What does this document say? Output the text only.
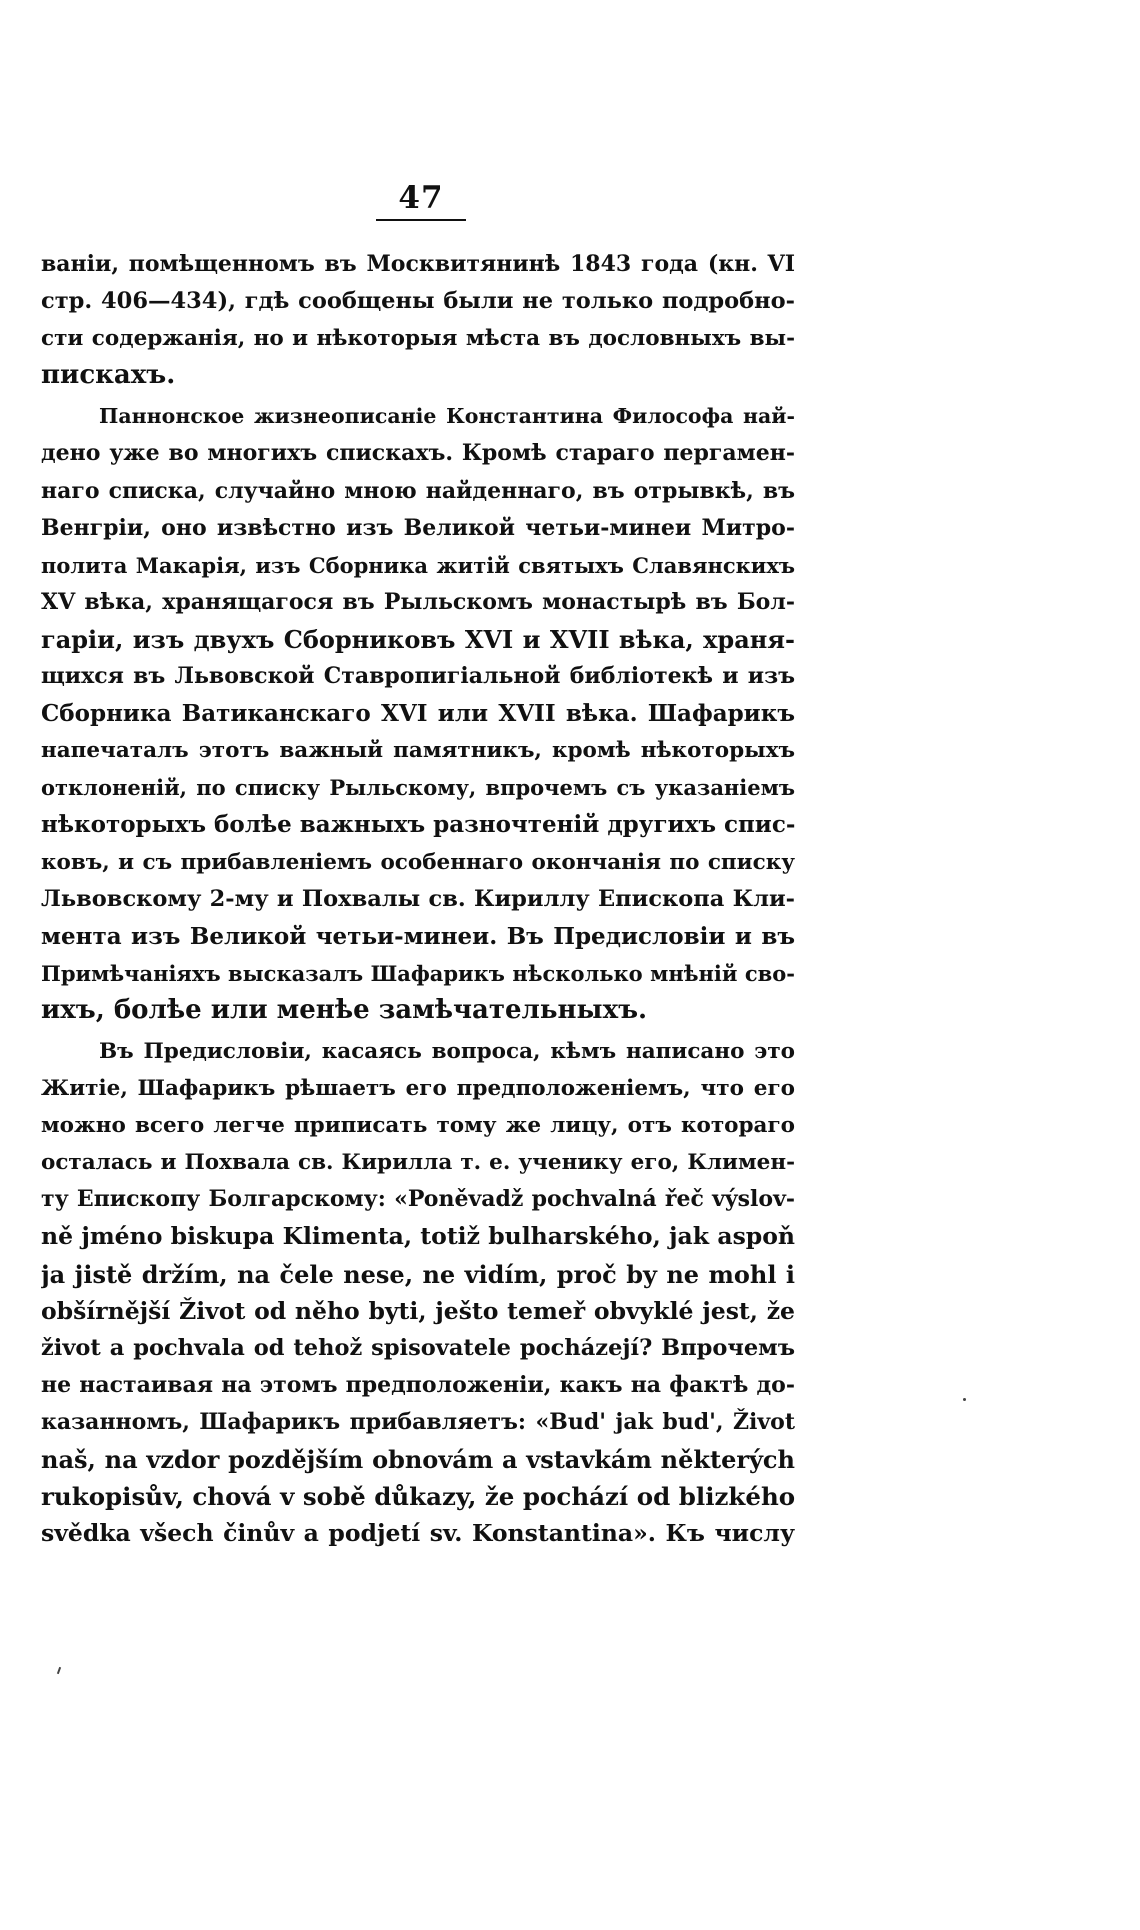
47
ваніи, помѣщенномъ въ Москвитянинѣ 1843 года (кн. VI
стр. 406—434), гдѣ сообщены были не только подробно-
сти содержанія, но и нѣкоторыя мѣста въ дословныхъ вы-
пискахъ.
Паннонское жизнеописаніе Константина Философа най-
дено уже во многихъ спискахъ. Кромѣ стараго пергамен-
наго списка, случайно мною найденнаго, въ отрывкѣ, въ
Венгріи, оно извѣстно изъ Великой четьи-минеи Митро-
полита Макарія, изъ Сборника житій святыхъ Славянскихъ
XV вѣка, хранящагося въ Рыльскомъ монастырѣ въ Бол-
гаріи, изъ двухъ Сборниковъ XVI и XVII вѣка, храня-
щихся въ Львовской Ставропигіальной библіотекѣ и изъ
Сборника Ватиканскаго XVI или XVII вѣка. Шафарикъ
напечаталъ этотъ важный памятникъ, кромѣ нѣкоторыхъ
отклоненій, по списку Рыльскому, впрочемъ съ указаніемъ
нѣкоторыхъ болѣе важныхъ разночтеній другихъ спис-
ковъ, и съ прибавленіемъ особеннаго окончанія по списку
Львовскому 2-му и Похвалы св. Кириллу Епископа Кли-
мента изъ Великой четьи-минеи. Въ Предисловіи и въ
Примѣчаніяхъ высказалъ Шафарикъ нѣсколько мнѣній сво-
ихъ, болѣе или менѣе замѣчательныхъ.
Въ Предисловіи, касаясь вопроса, кѣмъ написано это
Житіе, Шафарикъ рѣшаетъ его предположеніемъ, что его
можно всего легче приписать тому же лицу, отъ котораго
осталась и Похвала св. Кирилла т. е. ученику его, Климен-
ту Епископу Болгарскому: «Poněvadž pochvalná řeč výslov-
ně jméno biskupa Klimenta, totiž bulharského, jak aspoň
ja jistě držím, na čele nese, ne vidím, proč by ne mohl i
obšírnější Život od něho byti, ješto temeř obvyklé jest, že
život a pochvala od tehož spisovatele pocházejí? Впрочемъ
не настаивая на этомъ предположеніи, какъ на фактѣ до-
казанномъ, Шафарикъ прибавляетъ: «Bud' jak bud', Život
naš, na vzdor pozdějším obnovám a vstavkám některých
rukopisův, chová v sobě důkazy, že pochází od blizkého
svědka všech činův a podjetí sv. Konstantina». Къ числу
